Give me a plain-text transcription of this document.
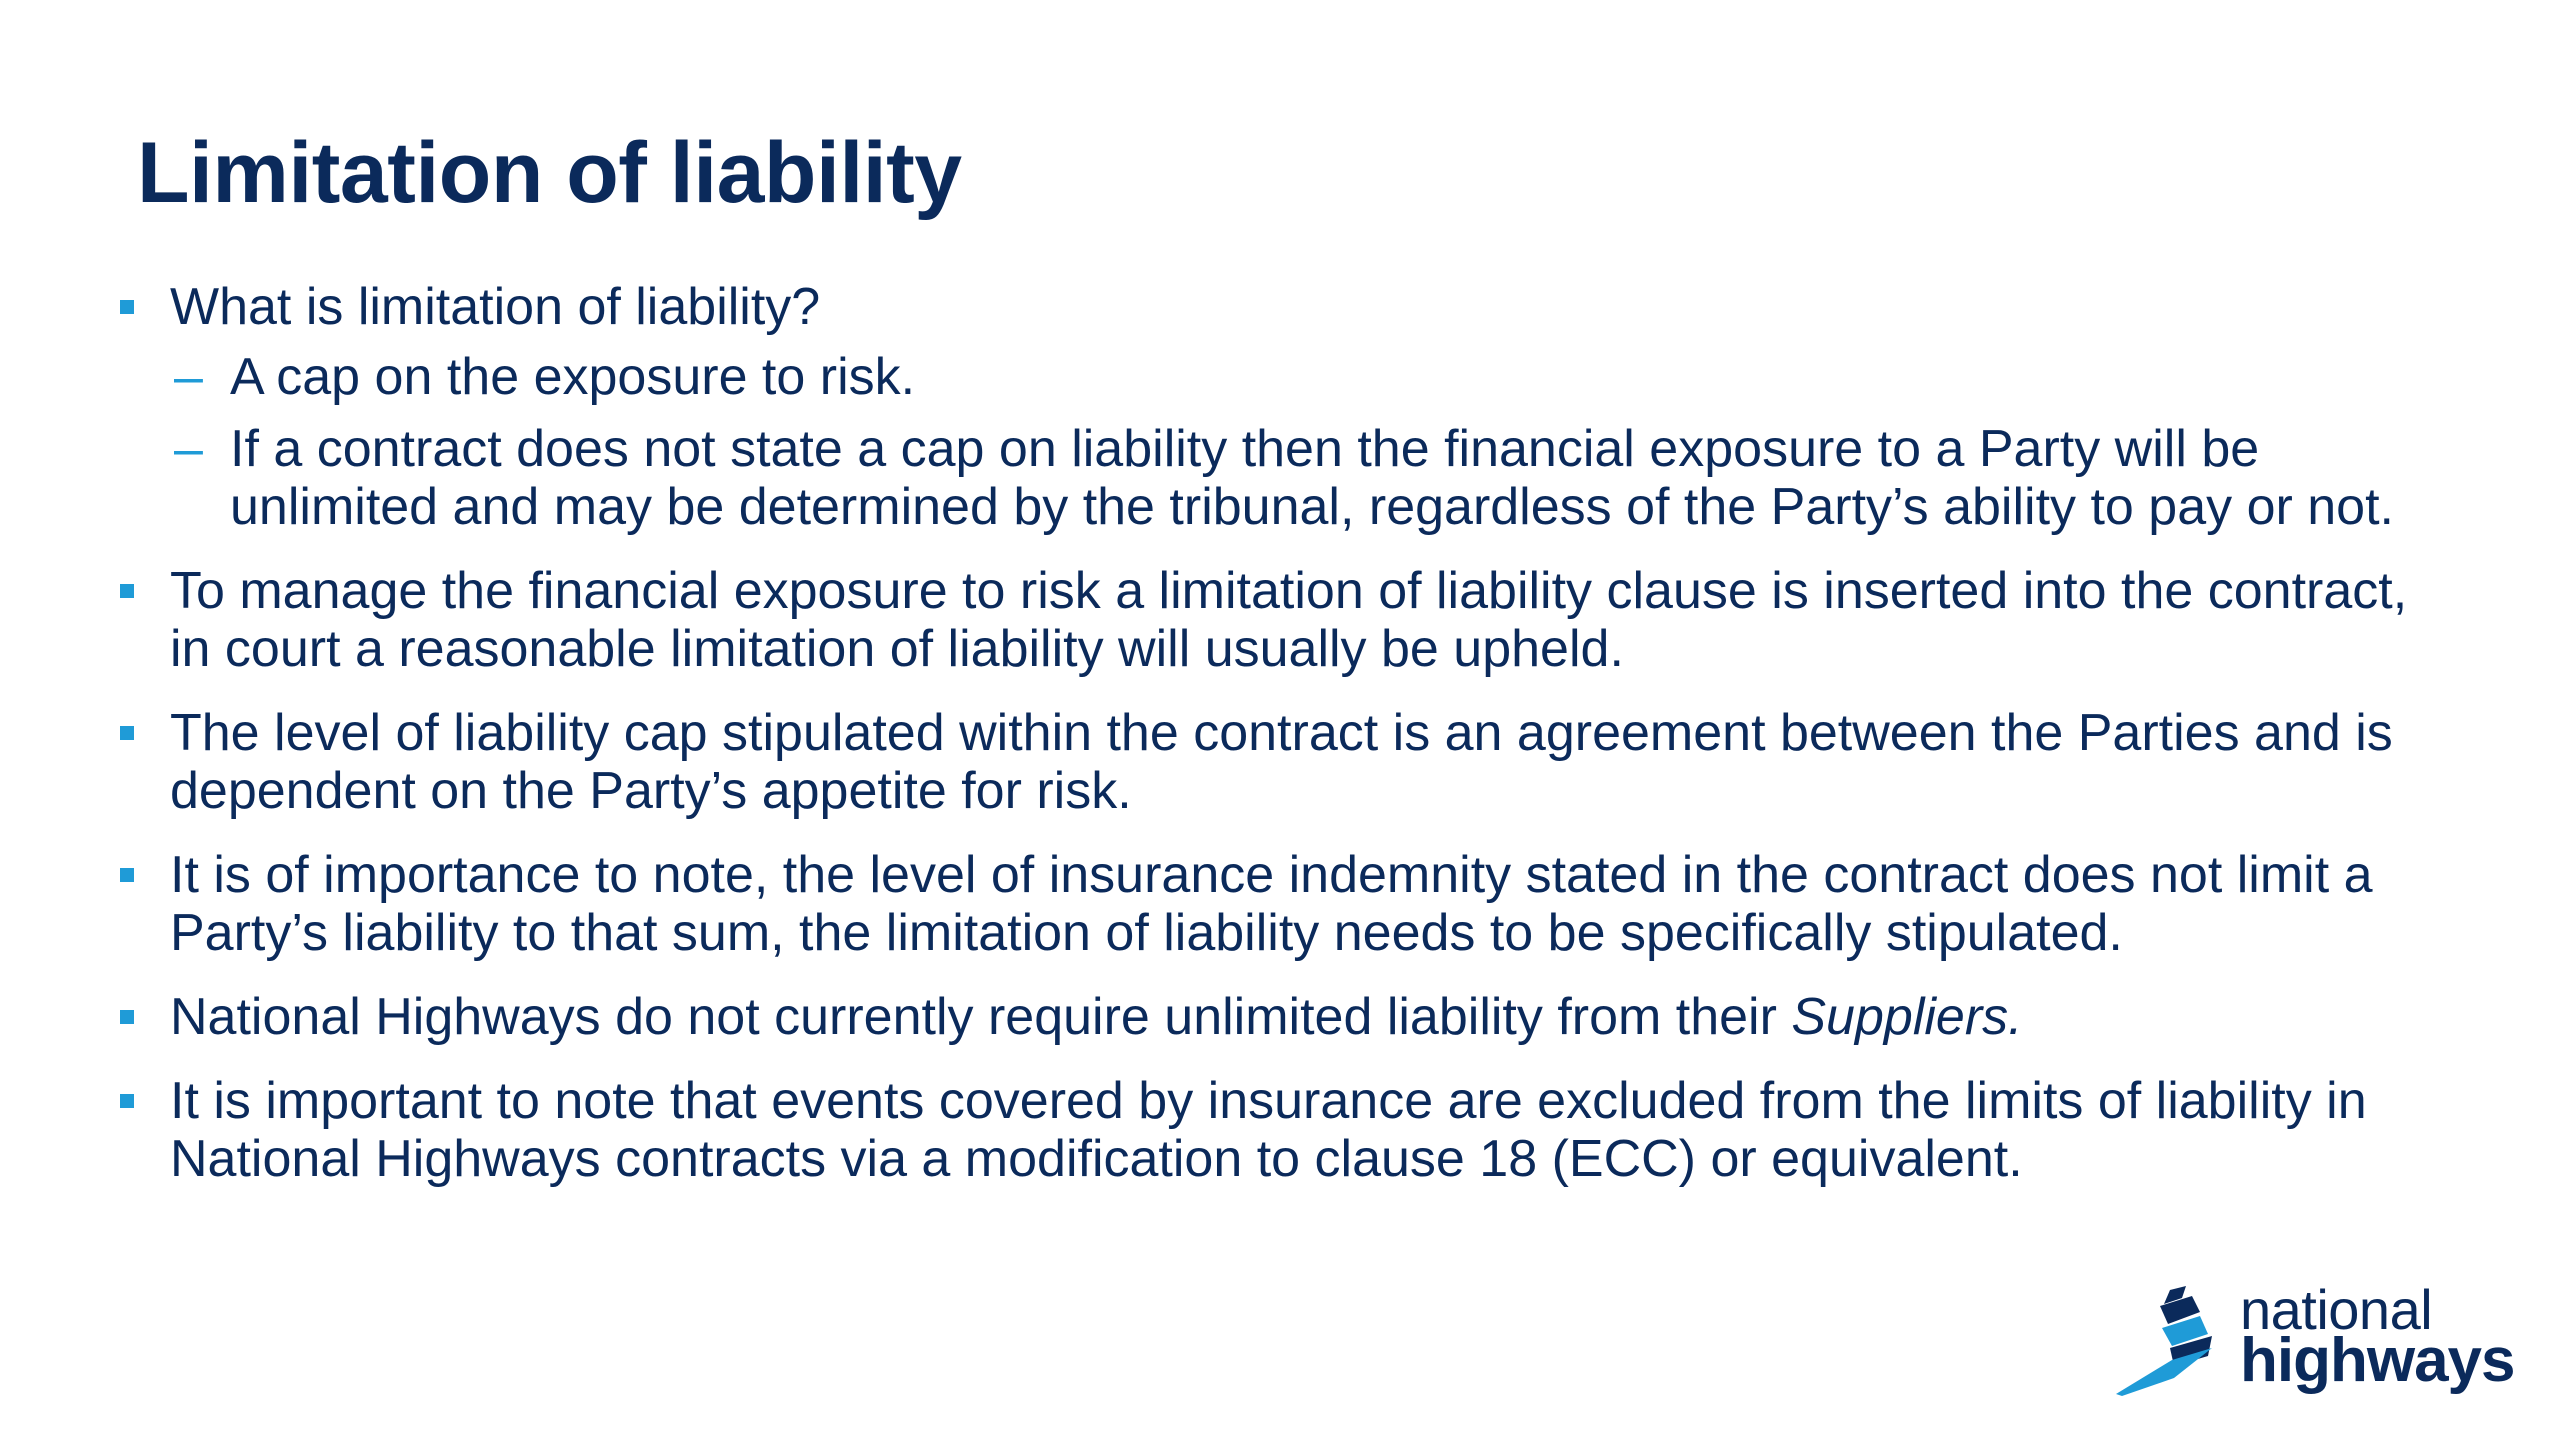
Limitation of liability
What is limitation of liability?
– A cap on the exposure to risk.
– If a contract does not state a cap on liability then the financial exposure to a Party will be unlimited and may be determined by the tribunal, regardless of the Party’s ability to pay or not.
To manage the financial exposure to risk a limitation of liability clause is inserted into the contract, in court a reasonable limitation of liability will usually be upheld.
The level of liability cap stipulated within the contract is an agreement between the Parties and is dependent on the Party’s appetite for risk.
It is of importance to note, the level of insurance indemnity stated in the contract does not limit a Party’s liability to that sum, the limitation of liability needs to be specifically stipulated.
National Highways do not currently require unlimited liability from their Suppliers.
It is important to note that events covered by insurance are excluded from the limits of liability in National Highways contracts via a modification to clause 18 (ECC) or equivalent.
national
highways
